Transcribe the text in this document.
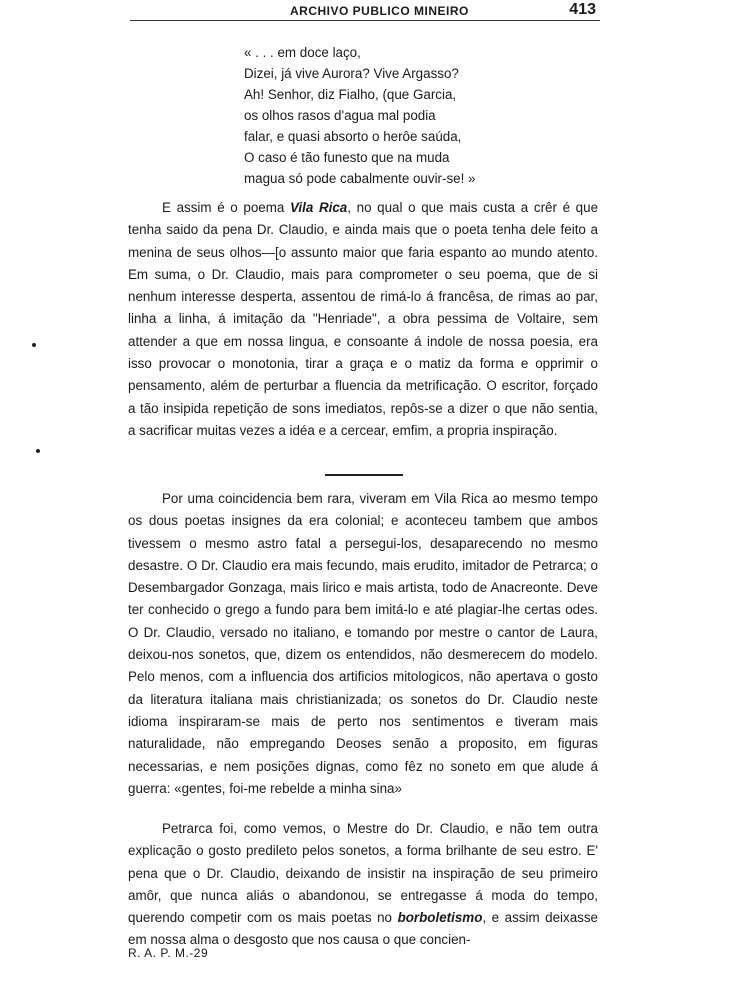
ARCHIVO PUBLICO MINEIRO	413
« . . . em doce laço,
Dizei, já vive Aurora? Vive Argasso?
Ah! Senhor, diz Fialho, (que Garcia,
os olhos rasos d'agua mal podia
falar, e quasi absorto o herôe saúda,
O caso é tão funesto que na muda
magua só pode cabalmente ouvir-se! »

E assim é o poema Vila Rica, no qual o que mais custa a crêr é que tenha saido da pena Dr. Claudio, e ainda mais que o poeta tenha dele feito a menina de seus olhos—[o assunto maior que faria espanto ao mundo atento. Em suma, o Dr. Claudio, mais para comprometer o seu poema, que de si nenhum interesse desperta, assentou de rimá-lo á francêsa, de rimas ao par, linha a linha, á imitação da "Henriade", a obra pessima de Voltaire, sem attender a que em nossa lingua, e consoante á indole de nossa poesia, era isso provocar o monotonia, tirar a graça e o matiz da forma e opprimir o pensamento, além de perturbar a fluencia da metrificação. O escritor, forçado a tão insipida repetição de sons imediatos, repôs-se a dizer o que não sentia, a sacrificar muitas vezes a idéa e a cercear, emfim, a propria inspiração.

Por uma coincidencia bem rara, viveram em Vila Rica ao mesmo tempo os dous poetas insignes da era colonial; e aconteceu tambem que ambos tivessem o mesmo astro fatal a persegui-los, desaparecendo no mesmo desastre. O Dr. Claudio era mais fecundo, mais erudito, imitador de Petrarca; o Desembargador Gonzaga, mais lirico e mais artista, todo de Anacreonte. Deve ter conhecido o grego a fundo para bem imitá-lo e até plagiar-lhe certas odes. O Dr. Claudio, versado no italiano, e tomando por mestre o cantor de Laura, deixou-nos sonetos, que, dizem os entendidos, não desmerecem do modelo. Pelo menos, com a influencia dos artificios mitologicos, não apertava o gosto da literatura italiana mais christianizada; os sonetos do Dr. Claudio neste idioma inspiraram-se mais de perto nos sentimentos e tiveram mais naturalidade, não empregando Deoses senão a proposito, em figuras necessarias, e nem posições dignas, como fêz no soneto em que alude á guerra: «gentes, foi-me rebelde a minha sina»

Petrarca foi, como vemos, o Mestre do Dr. Claudio, e não tem outra explicação o gosto predileto pelos sonetos, a forma brilhante de seu estro. E' pena que o Dr. Claudio, deixando de insistir na inspiração de seu primeiro amôr, que nunca aliás o abandonou, se entregasse á moda do tempo, querendo competir com os mais poetas no borboletismo, e assim deixasse em nossa alma o desgosto que nos causa o que concien-

R. A. P. M.-29
